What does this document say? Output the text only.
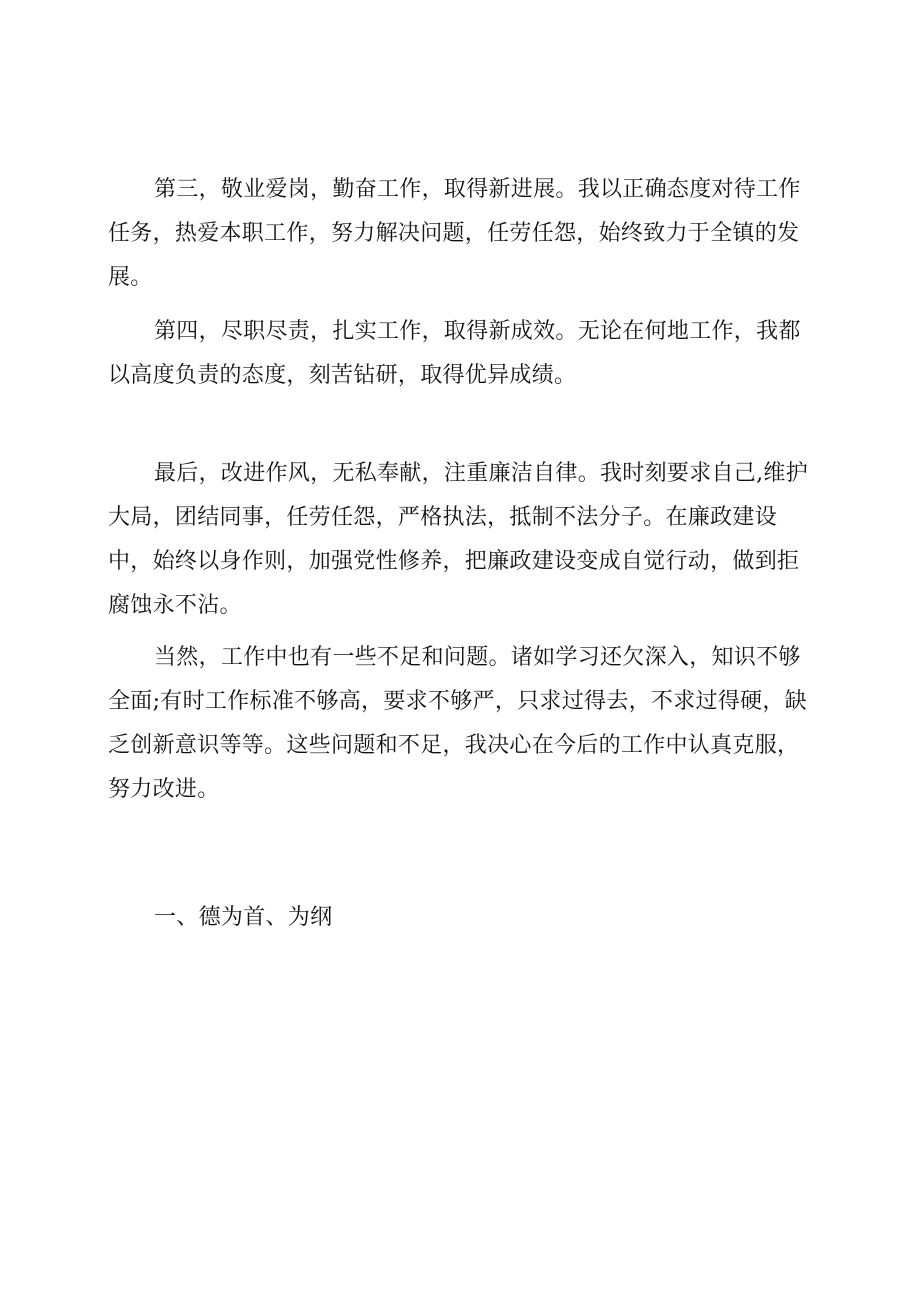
第三，敬业爱岗，勤奋工作，取得新进展。我以正确态度对待工作任务，热爱本职工作，努力解决问题，任劳任怨，始终致力于全镇的发展。

第四，尽职尽责，扎实工作，取得新成效。无论在何地工作，我都以高度负责的态度，刻苦钻研，取得优异成绩。

最后，改进作风，无私奉献，注重廉洁自律。我时刻要求自己,维护大局，团结同事，任劳任怨，严格执法，抵制不法分子。在廉政建设中，始终以身作则，加强党性修养，把廉政建设变成自觉行动，做到拒腐蚀永不沾。

当然，工作中也有一些不足和问题。诸如学习还欠深入，知识不够全面;有时工作标准不够高，要求不够严，只求过得去，不求过得硬，缺乏创新意识等等。这些问题和不足，我决心在今后的工作中认真克服，努力改进。

一、德为首、为纲
